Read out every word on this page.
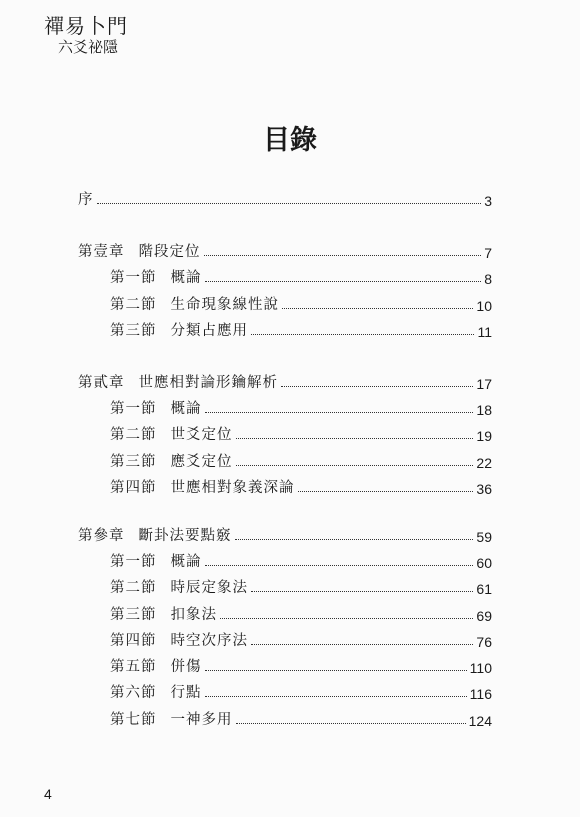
禪易卜門
六爻祕隱
目錄
序	3
第壹章 階段定位	7
第一節 概論	8
第二節 生命現象線性說	10
第三節 分類占應用	11
第貳章 世應相對論形鑰解析	17
第一節 概論	18
第二節 世爻定位	19
第三節 應爻定位	22
第四節 世應相對象義深論	36
第參章 斷卦法要點竅	59
第一節 概論	60
第二節 時辰定象法	61
第三節 扣象法	69
第四節 時空次序法	76
第五節 併傷	110
第六節 行點	116
第七節 一神多用	124
4
